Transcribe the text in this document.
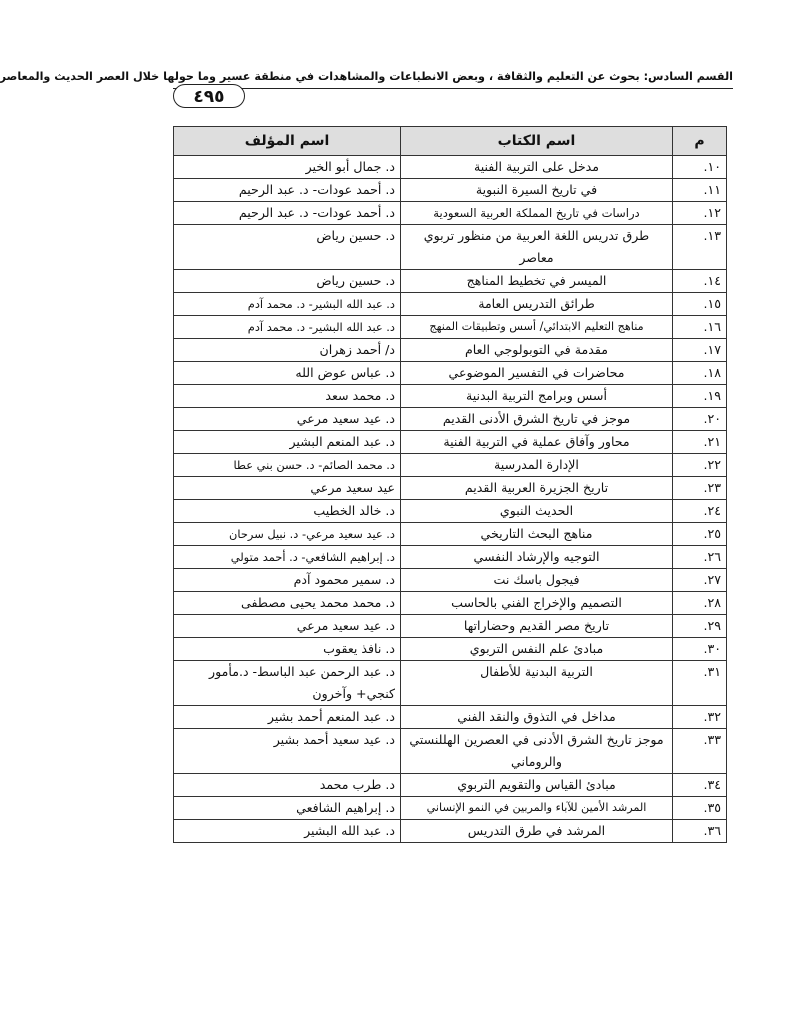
القسم السادس: بحوث عن التعليم والثقافة ، وبعض الانطباعات والمشاهدات في منطقة عسير وما حولها خلال العصر الحديث والمعاصر
٤٩٥
م	اسم الكتاب	اسم المؤلف
١٠.	مدخل على التربية الفنية	د. جمال أبو الخير
١١.	في تاريخ السيرة النبوية	د. أحمد عودات- د. عبد الرحيم
١٢.	دراسات في تاريخ المملكة العربية السعودية	د. أحمد عودات- د. عبد الرحيم
١٣.	طرق تدريس اللغة العربية من منظور تربوي معاصر	د. حسين رياض
١٤.	الميسر في تخطيط المناهج	د. حسين رياض
١٥.	طرائق التدريس العامة	د. عبد الله البشير- د. محمد آدم
١٦.	مناهج التعليم الابتدائي/ أسس وتطبيقات المنهج	د. عبد الله البشير- د. محمد آدم
١٧.	مقدمة في التوبولوجي العام	د/ أحمد زهران
١٨.	محاضرات في التفسير الموضوعي	د. عباس عوض الله
١٩.	أسس وبرامج التربية البدنية	د. محمد سعد
٢٠.	موجز في تاريخ الشرق الأدنى القديم	د. عيد سعيد مرعي
٢١.	محاور وآفاق عملية في التربية الفنية	د. عبد المنعم البشير
٢٢.	الإدارة المدرسية	د. محمد الصائم- د. حسن بني عطا
٢٣.	تاريخ الجزيرة العربية القديم	عيد سعيد مرعي
٢٤.	الحديث النبوي	د. خالد الخطيب
٢٥.	مناهج البحث التاريخي	د. عيد سعيد مرعي- د. نبيل سرحان
٢٦.	التوجيه والإرشاد النفسي	د. إبراهيم الشافعي- د. أحمد متولي
٢٧.	فيجول باسك نت	د. سمير محمود آدم
٢٨.	التصميم والإخراج الفني بالحاسب	د. محمد محمد يحيى مصطفى
٢٩.	تاريخ مصر القديم وحضاراتها	د. عيد سعيد مرعي
٣٠.	مبادئ علم النفس التربوي	د. نافذ يعقوب
٣١.	التربية البدنية للأطفال	د. عبد الرحمن عبد الباسط- د.مأمور كنجي+ وآخرون
٣٢.	مداخل في التذوق والنقد الفني	د. عبد المنعم أحمد بشير
٣٣.	موجز تاريخ الشرق الأدنى في العصرين الهللنستي والروماني	د. عيد سعيد أحمد بشير
٣٤.	مبادئ القياس والتقويم التربوي	د. طرب محمد
٣٥.	المرشد الأمين للآباء والمربين في النمو الإنساني	د. إبراهيم الشافعي
٣٦.	المرشد في طرق التدريس	د. عبد الله البشير
